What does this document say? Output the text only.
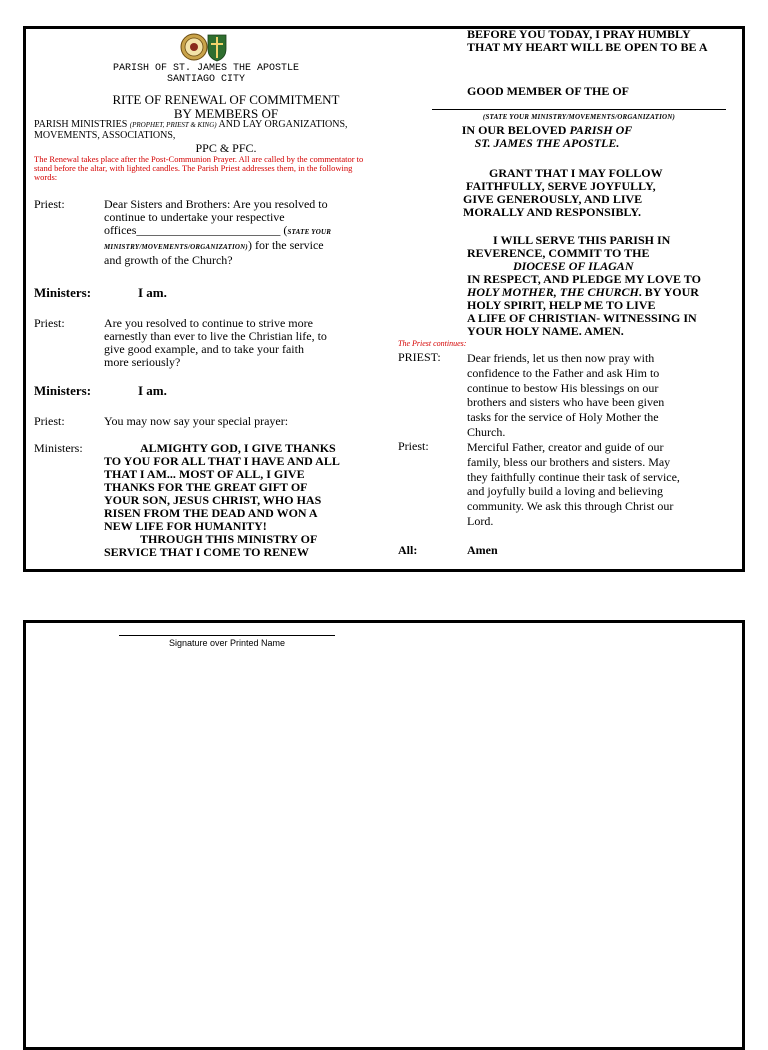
PARISH OF ST. JAMES THE APOSTLE
SANTIAGO CITY
RITE OF RENEWAL OF COMMITMENT
BY MEMBERS OF
PARISH MINISTRIES (PROPHET, PRIEST & KING) AND LAY ORGANIZATIONS,
MOVEMENTS, ASSOCIATIONS,
PPC & PFC.
The Renewal takes place after the Post-Communion Prayer. All are called by the commentator to stand before the altar, with lighted candles. The Parish Priest addresses them, in the following words:
Priest:	Dear Sisters and Brothers: Are you resolved to
continue to undertake your respective
offices________________________ (STATE YOUR
MINISTRY/MOVEMENTS/ORGANIZATION)) for the service
and growth of the Church?
Ministers:	I am.
Priest:	Are you resolved to continue to strive more
earnestly than ever to live the Christian life, to
give good example, and to take your faith
more seriously?
Ministers:	I am.
Priest:	You may now say your special prayer:
Ministers:	ALMIGHTY GOD, I GIVE THANKS
TO YOU FOR ALL THAT I HAVE AND ALL
THAT I AM... MOST OF ALL, I GIVE
THANKS FOR THE GREAT GIFT OF
YOUR SON, JESUS CHRIST, WHO HAS
RISEN FROM THE DEAD AND WON A
NEW LIFE FOR HUMANITY!
THROUGH THIS MINISTRY OF
SERVICE THAT I COME TO RENEW
BEFORE YOU TODAY, I PRAY HUMBLY
THAT MY HEART WILL BE OPEN TO BE A
GOOD MEMBER OF THE OF
(STATE YOUR MINISTRY/MOVEMENTS/ORGANIZATION)
IN OUR BELOVED PARISH OF
ST. JAMES THE APOSTLE.
GRANT THAT I MAY FOLLOW
FAITHFULLY, SERVE JOYFULLY,
GIVE GENEROUSLY, AND LIVE
MORALLY AND RESPONSIBLY.
I WILL SERVE THIS PARISH IN
REVERENCE, COMMIT TO THE
DIOCESE OF ILAGAN
IN RESPECT, AND PLEDGE MY LOVE TO
HOLY MOTHER, THE CHURCH. BY YOUR
HOLY SPIRIT, HELP ME TO LIVE
A LIFE OF CHRISTIAN- WITNESSING IN
YOUR HOLY NAME. AMEN.
The Priest continues:
PRIEST: Dear friends, let us then now pray with
confidence to the Father and ask Him to
continue to bestow His blessings on our
brothers and sisters who have been given
tasks for the service of Holy Mother the
Church.
Priest:	Merciful Father, creator and guide of our
family, bless our brothers and sisters. May
they faithfully continue their task of service,
and joyfully build a loving and believing
community. We ask this through Christ our
Lord.
All:	Amen
Signature over Printed Name
